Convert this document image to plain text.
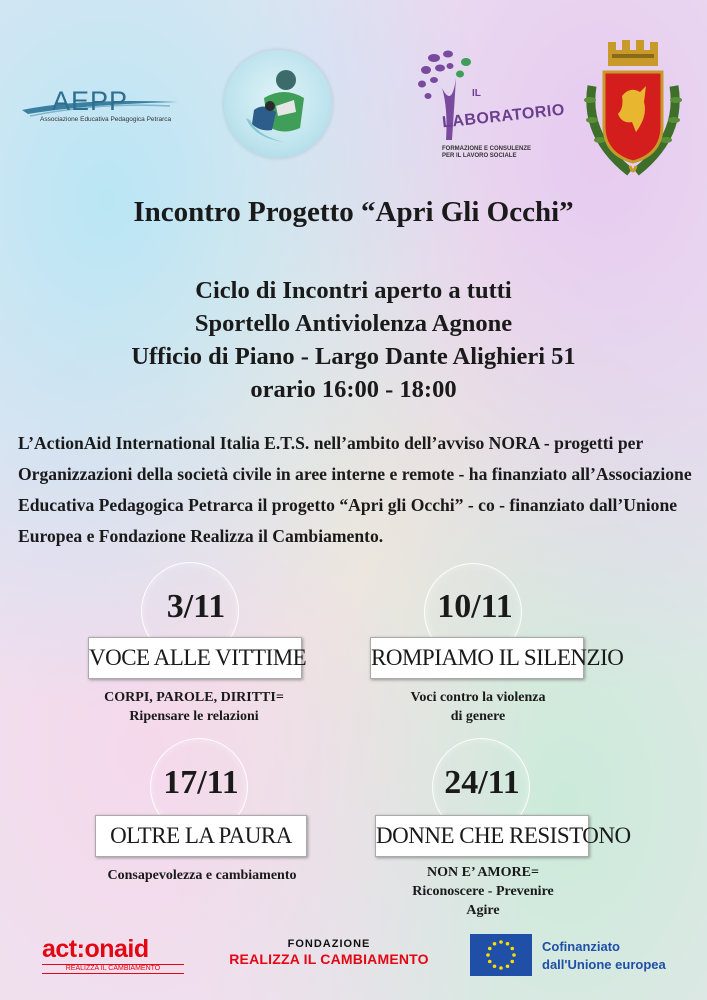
AEPP
Associazione Educativa Pedagogica Petrarca
IL
LABORATORIO
FORMAZIONE E CONSULENZE PER IL LAVORO SOCIALE
Incontro Progetto “Apri Gli Occhi”
Ciclo di Incontri aperto a tutti
Sportello Antiviolenza Agnone
Ufficio di Piano - Largo Dante Alighieri 51
orario 16:00 - 18:00
L’ActionAid International Italia E.T.S. nell’ambito dell’avviso NORA - progetti per Organizzazioni della società civile in aree interne e remote - ha finanziato all’Associazione Educativa Pedagogica Petrarca il progetto “Apri gli Occhi” - co - finanziato dall’Unione Europea e Fondazione Realizza il Cambiamento.
3/11
VOCE ALLE VITTIME
CORPI, PAROLE, DIRITTI=
Ripensare le relazioni
10/11
ROMPIAMO IL SILENZIO
Voci contro la violenza
di genere
17/11
OLTRE LA PAURA
Consapevolezza e cambiamento
24/11
DONNE CHE RESISTONO
NON E’ AMORE=
Riconoscere - Prevenire
Agire
act:onaid
REALIZZA IL CAMBIAMENTO
FONDAZIONE
REALIZZA IL CAMBIAMENTO
Cofinanziato
dall'Unione europea
